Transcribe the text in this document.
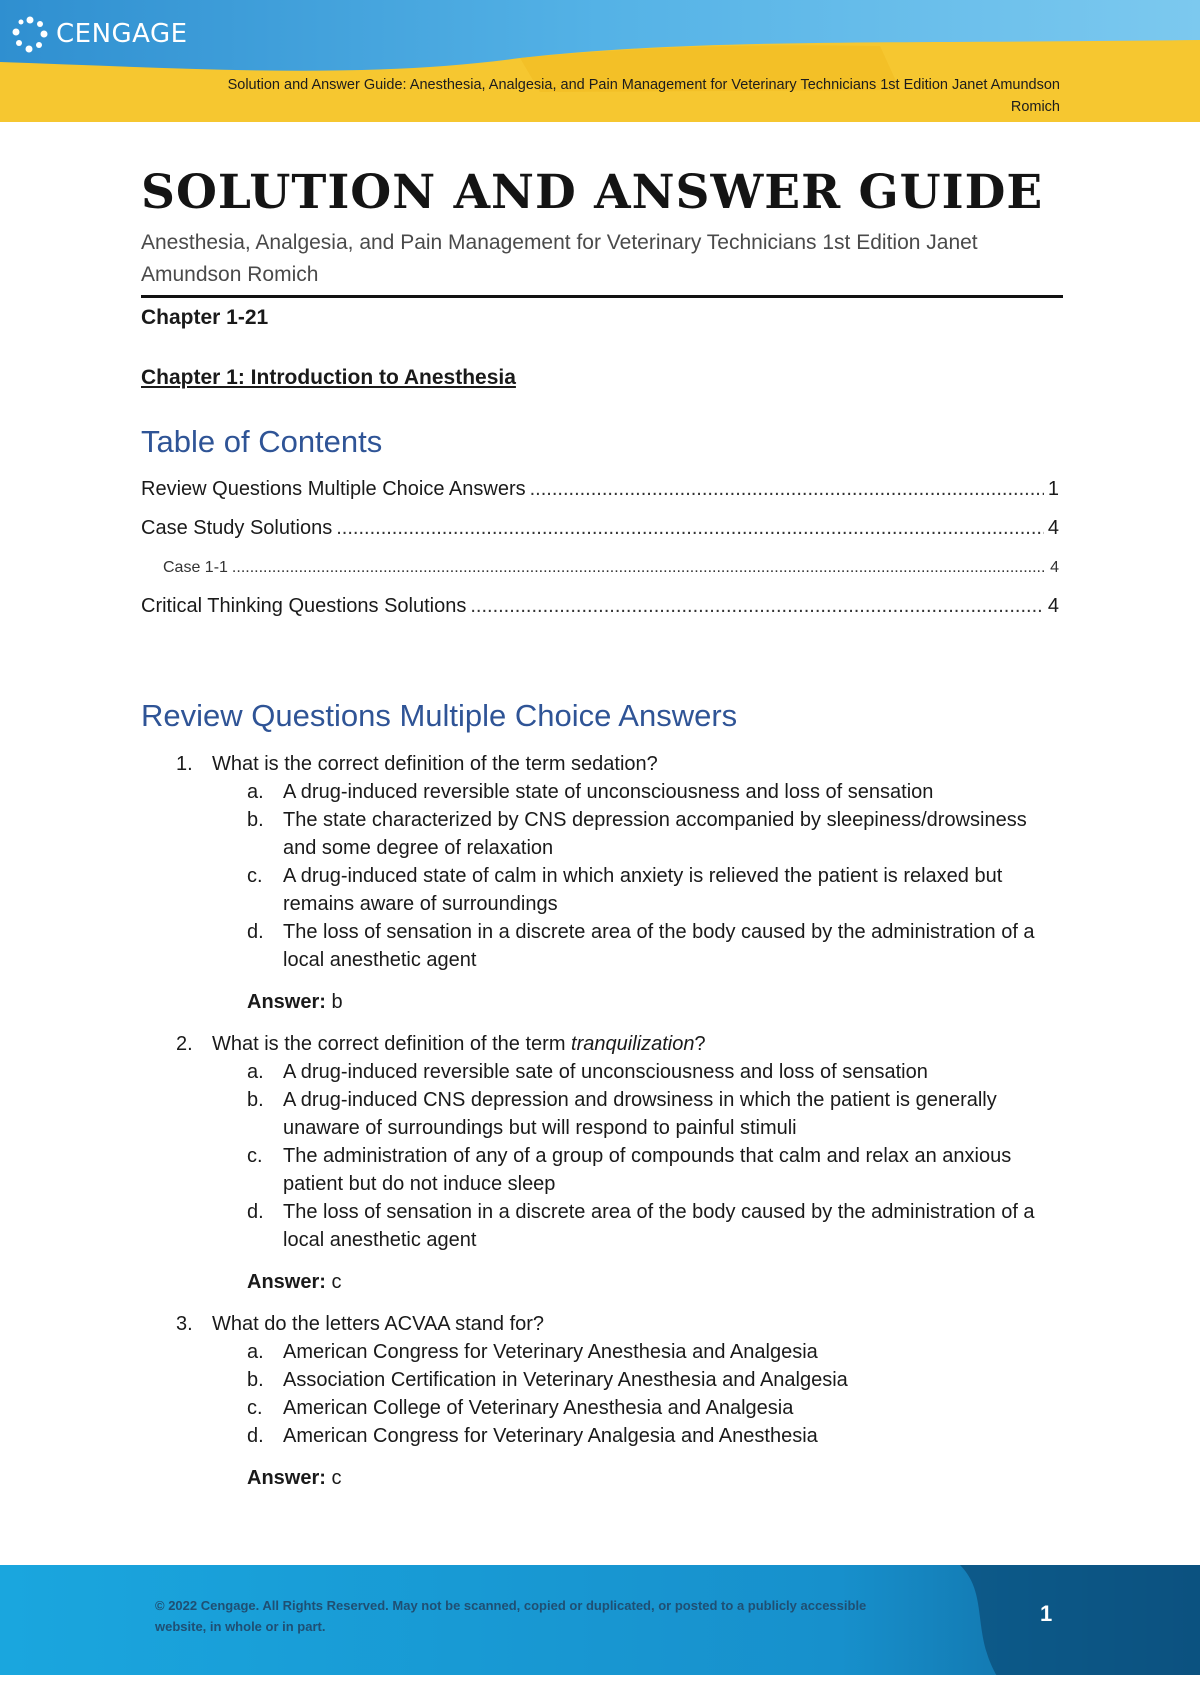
CENGAGE
Solution and Answer Guide: Anesthesia, Analgesia, and Pain Management for Veterinary Technicians 1st Edition Janet Amundson
Romich
SOLUTION AND ANSWER GUIDE
Anesthesia, Analgesia, and Pain Management for Veterinary Technicians 1st Edition Janet Amundson Romich
Chapter 1-21
Chapter 1: Introduction to Anesthesia
Table of Contents
Review Questions Multiple Choice Answers .....	1
Case Study Solutions .....	4
Case 1-1 .....	4
Critical Thinking Questions Solutions .....	4
Review Questions Multiple Choice Answers
1. What is the correct definition of the term sedation?
a. A drug-induced reversible state of unconsciousness and loss of sensation
b. The state characterized by CNS depression accompanied by sleepiness/drowsiness and some degree of relaxation
c.	A drug-induced state of calm in which anxiety is relieved the patient is relaxed but remains aware of surroundings
d. The loss of sensation in a discrete area of the body caused by the administration of a local anesthetic agent
Answer: b
2. What is the correct definition of the term tranquilization?
a. A drug-induced reversible sate of unconsciousness and loss of sensation
b. A drug-induced CNS depression and drowsiness in which the patient is generally unaware of surroundings but will respond to painful stimuli
c.	The administration of any of a group of compounds that calm and relax an anxious patient but do not induce sleep
d. The loss of sensation in a discrete area of the body caused by the administration of a local anesthetic agent
Answer: c
3. What do the letters ACVAA stand for?
a. American Congress for Veterinary Anesthesia and Analgesia
b. Association Certification in Veterinary Anesthesia and Analgesia
c.	American College of Veterinary Anesthesia and Analgesia
d. American Congress for Veterinary Analgesia and Anesthesia
Answer: c
© 2022 Cengage. All Rights Reserved. May not be scanned, copied or duplicated, or posted to a publicly accessible website, in whole or in part.
1
